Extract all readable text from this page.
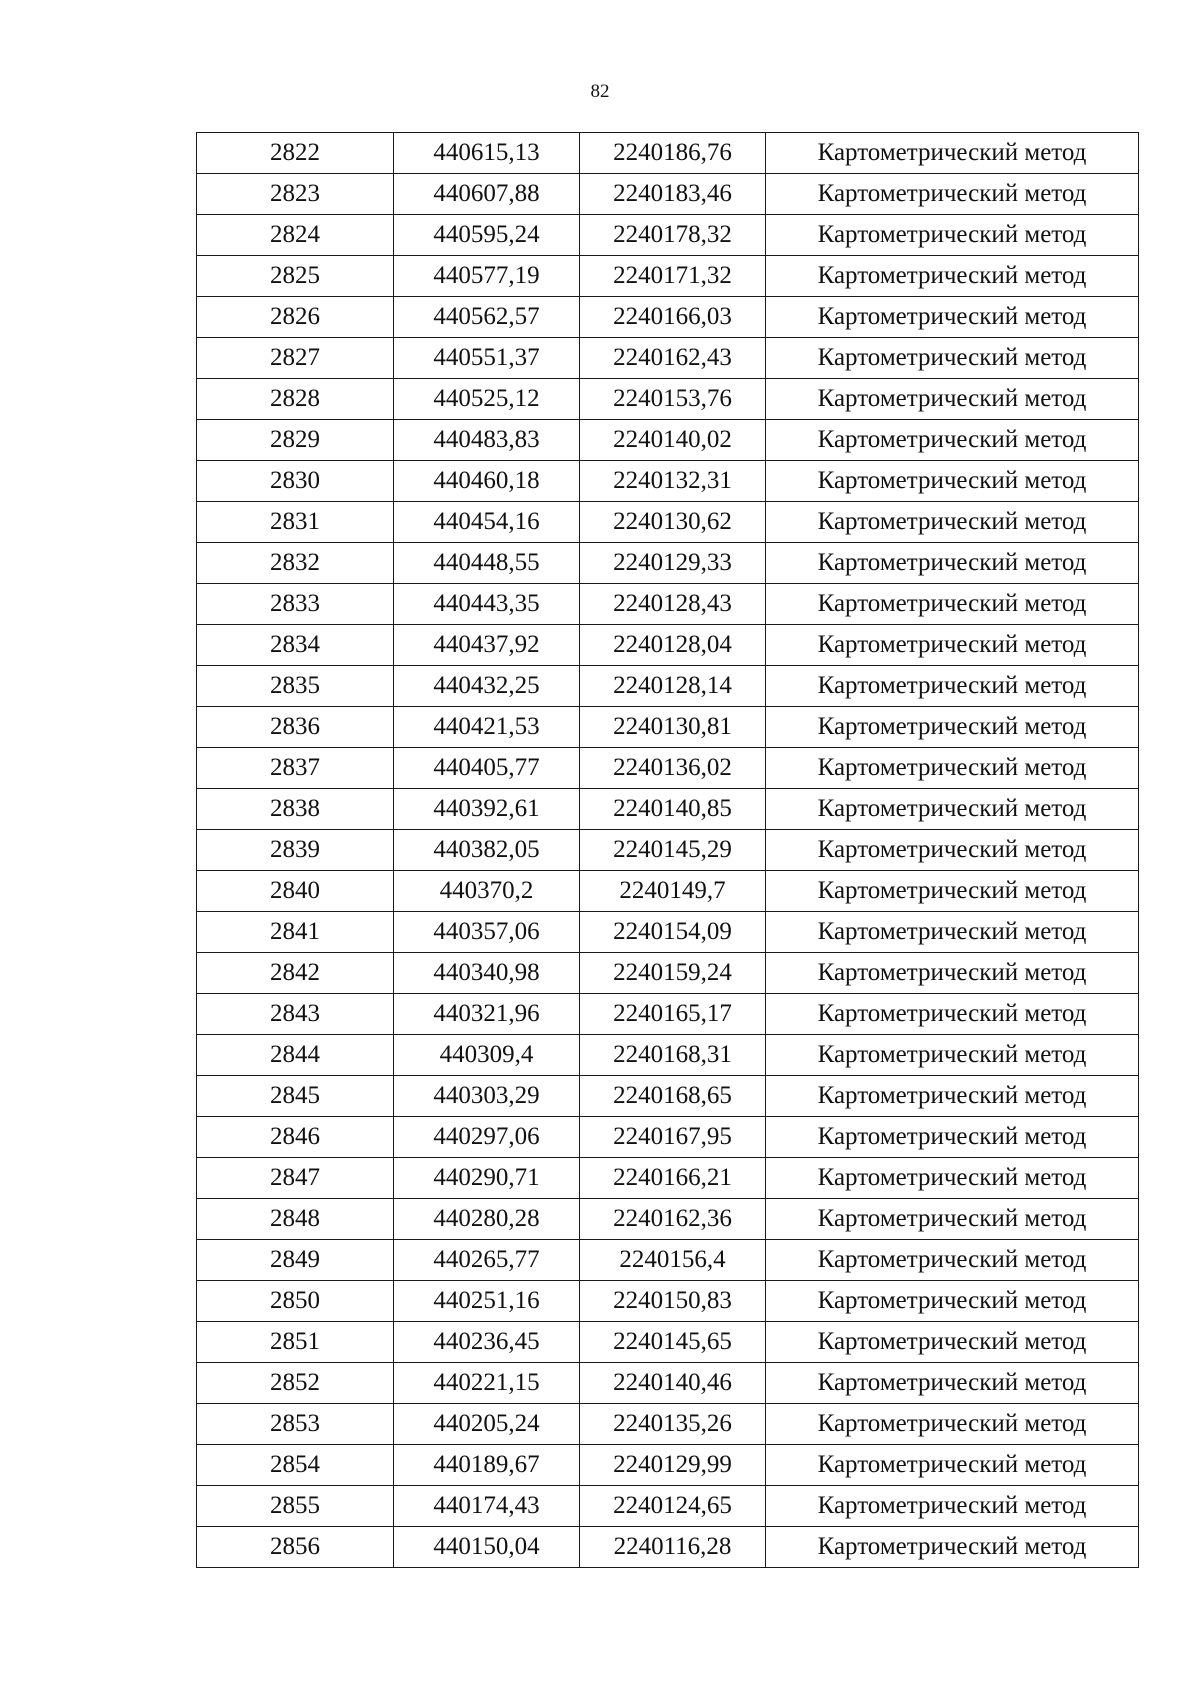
82
2822	440615,13	2240186,76	Картометрический метод
2823	440607,88	2240183,46	Картометрический метод
2824	440595,24	2240178,32	Картометрический метод
2825	440577,19	2240171,32	Картометрический метод
2826	440562,57	2240166,03	Картометрический метод
2827	440551,37	2240162,43	Картометрический метод
2828	440525,12	2240153,76	Картометрический метод
2829	440483,83	2240140,02	Картометрический метод
2830	440460,18	2240132,31	Картометрический метод
2831	440454,16	2240130,62	Картометрический метод
2832	440448,55	2240129,33	Картометрический метод
2833	440443,35	2240128,43	Картометрический метод
2834	440437,92	2240128,04	Картометрический метод
2835	440432,25	2240128,14	Картометрический метод
2836	440421,53	2240130,81	Картометрический метод
2837	440405,77	2240136,02	Картометрический метод
2838	440392,61	2240140,85	Картометрический метод
2839	440382,05	2240145,29	Картометрический метод
2840	440370,2	2240149,7	Картометрический метод
2841	440357,06	2240154,09	Картометрический метод
2842	440340,98	2240159,24	Картометрический метод
2843	440321,96	2240165,17	Картометрический метод
2844	440309,4	2240168,31	Картометрический метод
2845	440303,29	2240168,65	Картометрический метод
2846	440297,06	2240167,95	Картометрический метод
2847	440290,71	2240166,21	Картометрический метод
2848	440280,28	2240162,36	Картометрический метод
2849	440265,77	2240156,4	Картометрический метод
2850	440251,16	2240150,83	Картометрический метод
2851	440236,45	2240145,65	Картометрический метод
2852	440221,15	2240140,46	Картометрический метод
2853	440205,24	2240135,26	Картометрический метод
2854	440189,67	2240129,99	Картометрический метод
2855	440174,43	2240124,65	Картометрический метод
2856	440150,04	2240116,28	Картометрический метод
